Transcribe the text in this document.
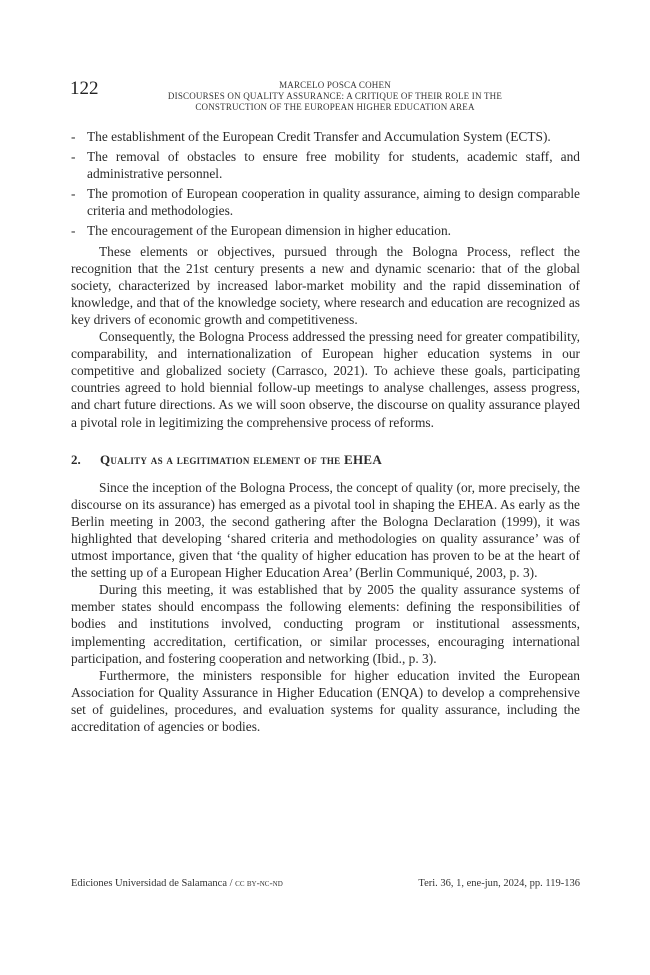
122	MARCELO POSCA COHEN
DISCOURSES ON QUALITY ASSURANCE: A CRITIQUE OF THEIR ROLE IN THE
CONSTRUCTION OF THE EUROPEAN HIGHER EDUCATION AREA
- The establishment of the European Credit Transfer and Accumulation System (ECTS).
- The removal of obstacles to ensure free mobility for students, academic staff, and administrative personnel.
- The promotion of European cooperation in quality assurance, aiming to design comparable criteria and methodologies.
- The encouragement of the European dimension in higher education.

These elements or objectives, pursued through the Bologna Process, reflect the recognition that the 21st century presents a new and dynamic scenario: that of the global society, characterized by increased labor-market mobility and the rapid dissemination of knowledge, and that of the knowledge society, where research and education are recognized as key drivers of economic growth and competitiveness.

Consequently, the Bologna Process addressed the pressing need for greater compatibility, comparability, and internationalization of European higher education systems in our competitive and globalized society (Carrasco, 2021). To achieve these goals, participating countries agreed to hold biennial follow-up meetings to analyse challenges, assess progress, and chart future directions. As we will soon observe, the discourse on quality assurance played a pivotal role in legitimizing the comprehensive process of reforms.

2.	Quality as a legitimation element of the EHEA

Since the inception of the Bologna Process, the concept of quality (or, more precisely, the discourse on its assurance) has emerged as a pivotal tool in shaping the EHEA. As early as the Berlin meeting in 2003, the second gathering after the Bologna Declaration (1999), it was highlighted that developing ‘shared criteria and methodologies on quality assurance’ was of utmost importance, given that ‘the quality of higher education has proven to be at the heart of the setting up of a European Higher Education Area’ (Berlin Communiqué, 2003, p. 3).

During this meeting, it was established that by 2005 the quality assurance systems of member states should encompass the following elements: defining the responsibilities of bodies and institutions involved, conducting program or institutional assessments, implementing accreditation, certification, or similar processes, encouraging international participation, and fostering cooperation and networking (Ibid., p. 3).

Furthermore, the ministers responsible for higher education invited the European Association for Quality Assurance in Higher Education (ENQA) to develop a comprehensive set of guidelines, procedures, and evaluation systems for quality assurance, including the accreditation of agencies or bodies.

Ediciones Universidad de Salamanca / cc by-nc-nd	Teri. 36, 1, ene-jun, 2024, pp. 119-136
